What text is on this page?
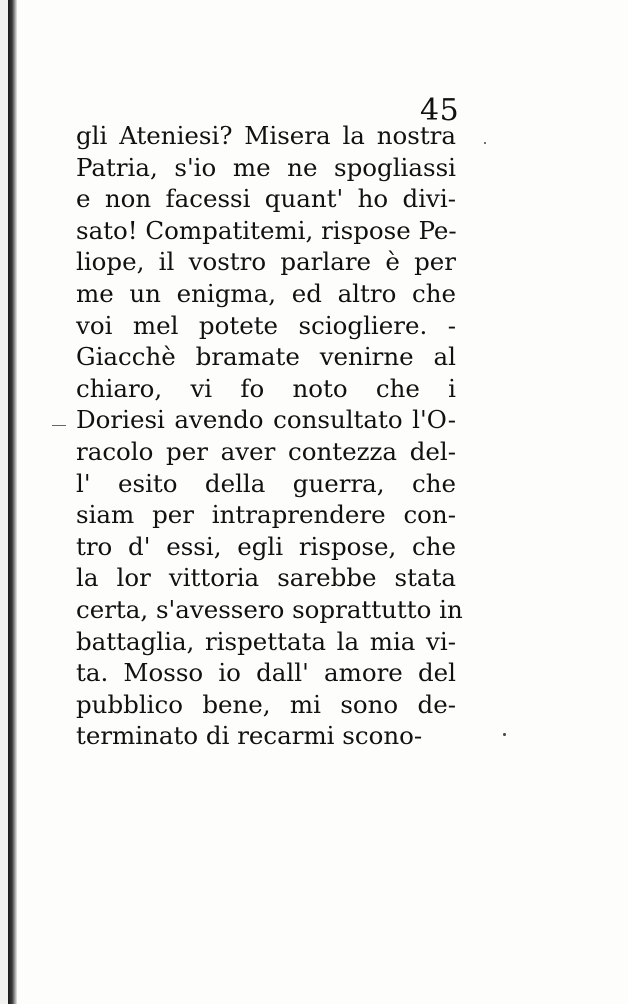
45
gli Ateniesi? Misera la nostra
Patria, s'io me ne spogliassi
e non facessi quant' ho divi-
sato! Compatitemi, rispose Pe-
liope, il vostro parlare è per
me un enigma, ed altro che
voi mel potete sciogliere. -
Giacchè bramate venirne al
chiaro, vi fo noto che i
Doriesi avendo consultato l'O-
racolo per aver contezza del-
l' esito della guerra, che
siam per intraprendere con-
tro d' essi, egli rispose, che
la lor vittoria sarebbe stata
certa, s'avessero soprattutto in
battaglia, rispettata la mia vi-
ta. Mosso io dall' amore del
pubblico bene, mi sono de-
terminato di recarmi scono-
